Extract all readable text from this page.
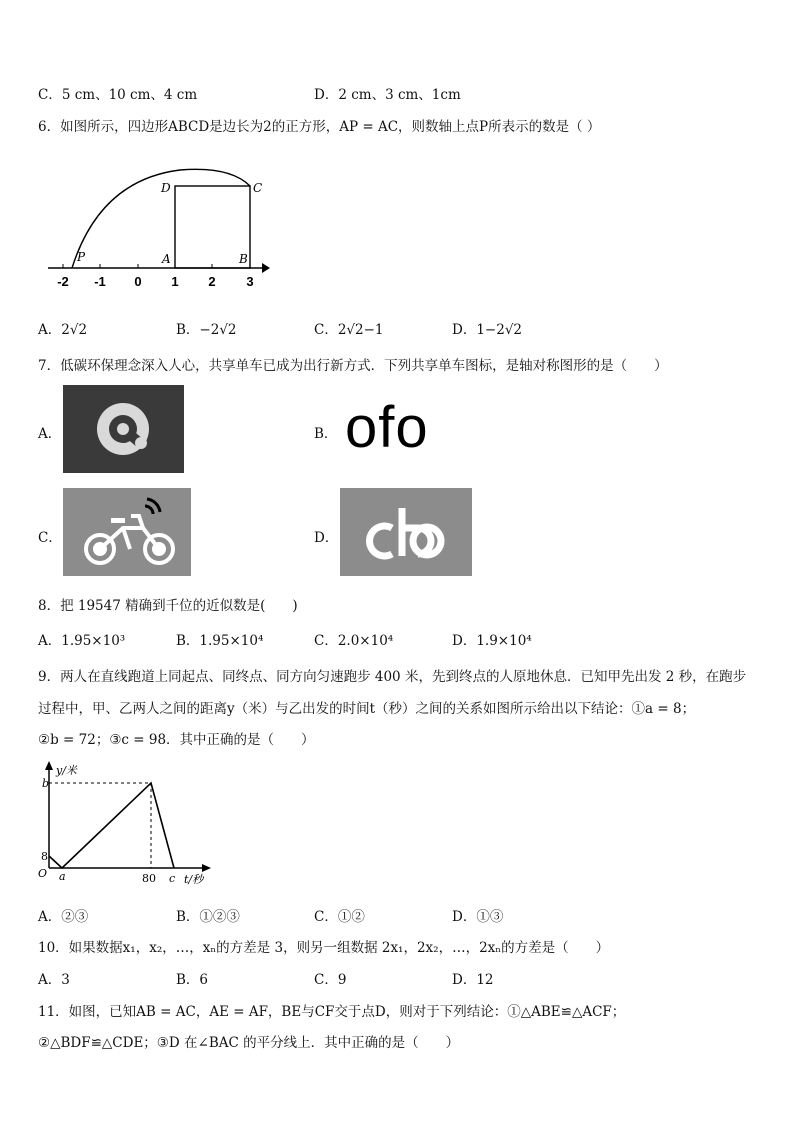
C．5 cm、10 cm、4 cm	D．2 cm、3 cm、1cm
6．如图所示，四边形ABCD是边长为2的正方形，AP = AC，则数轴上点P所表示的数是（ ）
-2 -1 0 1 2 3
P	A	B
C
D
A．2√2	B．−2√2	C．2√2−1	D．1−2√2
7．低碳环保理念深入人心，共享单车已成为出行新方式．下列共享单车图标，是轴对称图形的是（　　）
A．	B． ofo
C．	D．
8．把 19547 精确到千位的近似数是(　　)
A．1.95×10³	B．1.95×10⁴	C．2.0×10⁴	D．1.9×10⁴
9．两人在直线跑道上同起点、同终点、同方向匀速跑步 400 米，先到终点的人原地休息．已知甲先出发 2 秒，在跑步
过程中，甲、乙两人之间的距离y（米）与乙出发的时间t（秒）之间的关系如图所示给出以下结论：①a = 8；
②b = 72；③c = 98．其中正确的是（　　）
y/米
b
8
O a	80 c t/秒
A．②③	B．①②③	C．①②	D．①③
10．如果数据x₁，x₂，…，xₙ的方差是 3，则另一组数据 2x₁，2x₂，…，2xₙ的方差是（　　）
A．3	B．6	C．9	D．12
11．如图，已知AB = AC，AE = AF，BE与CF交于点D，则对于下列结论：①△ABE≌△ACF；
②△BDF≌△CDE；③D 在∠BAC 的平分线上．其中正确的是（　　）
